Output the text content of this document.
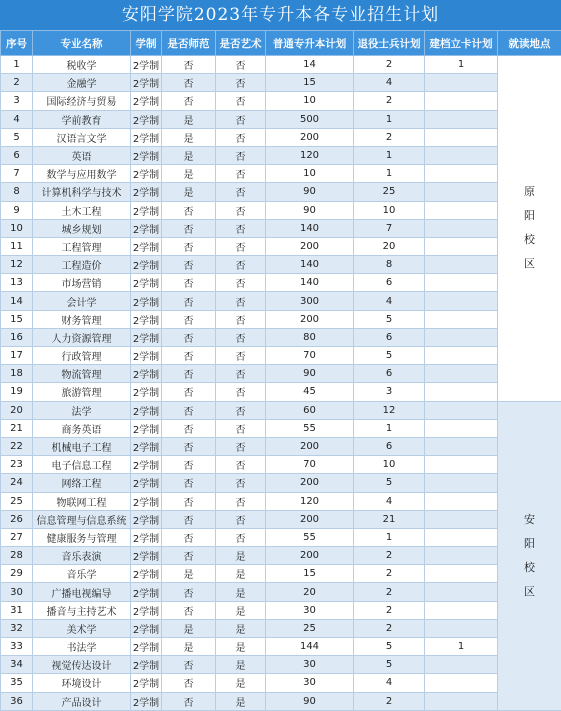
安阳学院2023年专升本各专业招生计划
序号	专业名称	学制	是否师范	是否艺术	普通专升本计划	退役士兵计划	建档立卡计划	就读地点
1	税收学	2学制	否	否	14	2	1	原
阳
校
区

2	金融学	2学制	否	否	15	4		
3	国际经济与贸易	2学制	否	否	10	2		
4	学前教育	2学制	是	否	500	1		
5	汉语言文学	2学制	是	否	200	2		
6	英语	2学制	是	否	120	1		
7	数学与应用数学	2学制	是	否	10	1		
8	计算机科学与技术	2学制	是	否	90	25		
9	土木工程	2学制	否	否	90	10		
10	城乡规划	2学制	否	否	140	7		
11	工程管理	2学制	否	否	200	20		
12	工程造价	2学制	否	否	140	8		
13	市场营销	2学制	否	否	140	6		
14	会计学	2学制	否	否	300	4		
15	财务管理	2学制	否	否	200	5		
16	人力资源管理	2学制	否	否	80	6		
17	行政管理	2学制	否	否	70	5		
18	物流管理	2学制	否	否	90	6		
19	旅游管理	2学制	否	否	45	3		
20	法学	2学制	否	否	60	12		安
阳
校
区

21	商务英语	2学制	否	否	55	1		
22	机械电子工程	2学制	否	否	200	6		
23	电子信息工程	2学制	否	否	70	10		
24	网络工程	2学制	否	否	200	5		
25	物联网工程	2学制	否	否	120	4		
26	信息管理与信息系统	2学制	否	否	200	21		
27	健康服务与管理	2学制	否	否	55	1		
28	音乐表演	2学制	否	是	200	2		
29	音乐学	2学制	是	是	15	2		
30	广播电视编导	2学制	否	是	20	2		
31	播音与主持艺术	2学制	否	是	30	2		
32	美术学	2学制	是	是	25	2		
33	书法学	2学制	是	是	144	5	1	
34	视觉传达设计	2学制	否	是	30	5		
35	环境设计	2学制	否	是	30	4		
36	产品设计	2学制	否	是	90	2		
